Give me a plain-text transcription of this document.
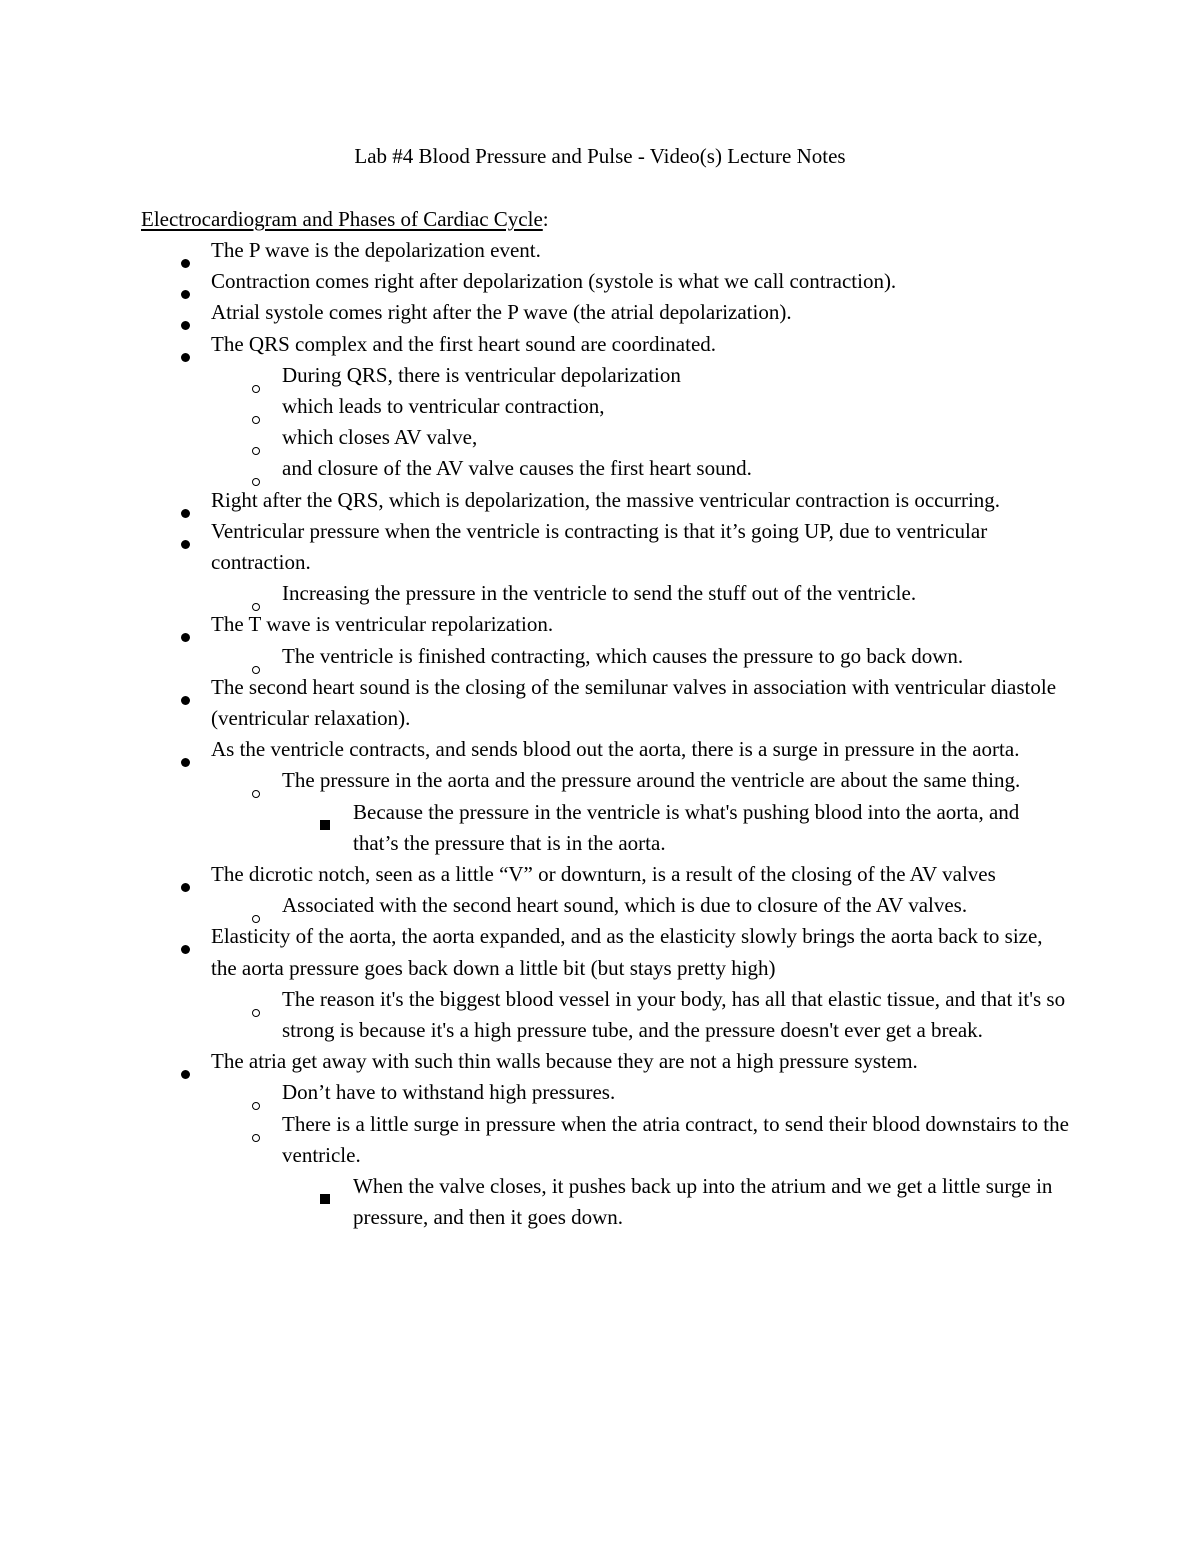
Lab #4 Blood Pressure and Pulse - Video(s) Lecture Notes
Electrocardiogram and Phases of Cardiac Cycle:
The P wave is the depolarization event.
Contraction comes right after depolarization (systole is what we call contraction).
Atrial systole comes right after the P wave (the atrial depolarization).
The QRS complex and the first heart sound are coordinated.
During QRS, there is ventricular depolarization
which leads to ventricular contraction,
which closes AV valve,
and closure of the AV valve causes the first heart sound.
Right after the QRS, which is depolarization, the massive ventricular contraction is occurring.
Ventricular pressure when the ventricle is contracting is that it’s going UP, due to ventricular contraction.
Increasing the pressure in the ventricle to send the stuff out of the ventricle.
The T wave is ventricular repolarization.
The ventricle is finished contracting, which causes the pressure to go back down.
The second heart sound is the closing of the semilunar valves in association with ventricular diastole (ventricular relaxation).
As the ventricle contracts, and sends blood out the aorta, there is a surge in pressure in the aorta.
The pressure in the aorta and the pressure around the ventricle are about the same thing.
Because the pressure in the ventricle is what's pushing blood into the aorta, and that’s the pressure that is in the aorta.
The dicrotic notch, seen as a little “V” or downturn, is a result of the closing of the AV valves
Associated with the second heart sound, which is due to closure of the AV valves.
Elasticity of the aorta, the aorta expanded, and as the elasticity slowly brings the aorta back to size, the aorta pressure goes back down a little bit (but stays pretty high)
The reason it's the biggest blood vessel in your body, has all that elastic tissue, and that it's so strong is because it's a high pressure tube, and the pressure doesn't ever get a break.
The atria get away with such thin walls because they are not a high pressure system.
Don’t have to withstand high pressures.
There is a little surge in pressure when the atria contract, to send their blood downstairs to the ventricle.
When the valve closes, it pushes back up into the atrium and we get a little surge in pressure, and then it goes down.
